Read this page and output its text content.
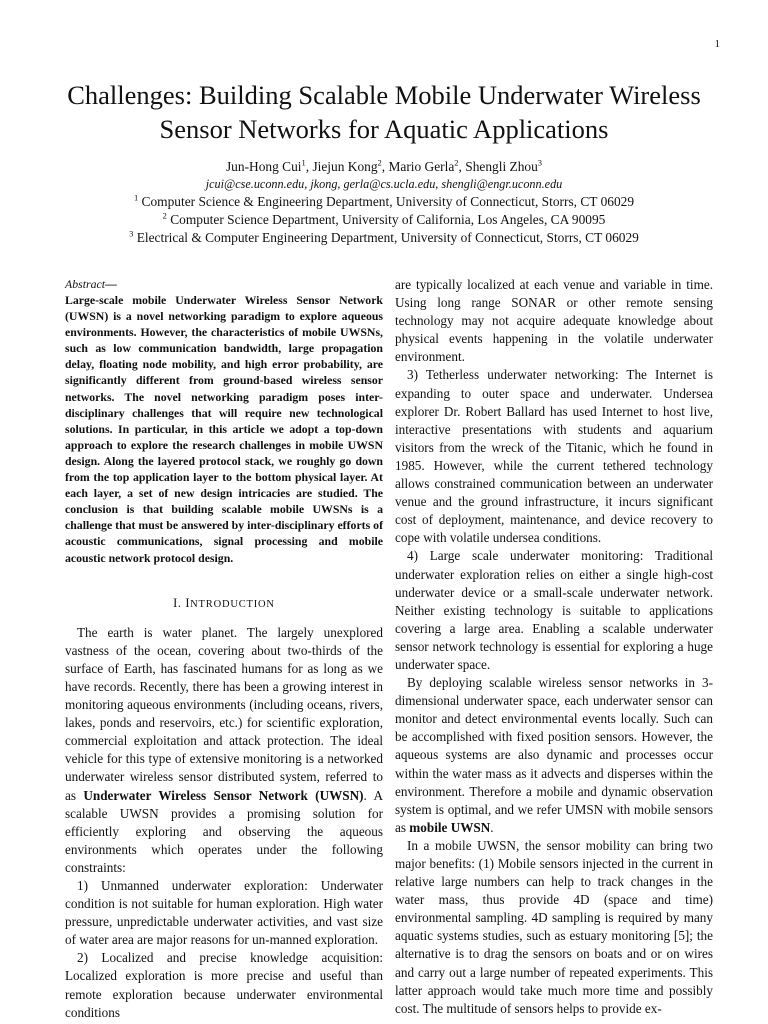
1
Challenges: Building Scalable Mobile Underwater Wireless
Sensor Networks for Aquatic Applications
Jun-Hong Cui$^1$, Jiejun Kong$^2$, Mario Gerla$^2$, Shengli Zhou$^3$
jcui@cse.uconn.edu, jkong, gerla@cs.ucla.edu, shengli@engr.uconn.edu
$^1$ Computer Science & Engineering Department, University of Connecticut, Storrs, CT 06029
$^2$ Computer Science Department, University of California, Los Angeles, CA 90095
$^3$ Electrical & Computer Engineering Department, University of Connecticut, Storrs, CT 06029
Abstract—

Large-scale mobile Underwater Wireless Sensor Network (UWSN) is a novel networking paradigm to explore aqueous environments. However, the characteristics of mobile UWSNs, such as low communication bandwidth, large propagation delay, floating node mobility, and high error probability, are significantly different from ground-based wireless sensor networks. The novel networking paradigm poses inter-disciplinary challenges that will require new technological solutions. In particular, in this article we adopt a top-down approach to explore the research challenges in mobile UWSN design. Along the layered protocol stack, we roughly go down from the top application layer to the bottom physical layer. At each layer, a set of new design intricacies are studied. The conclusion is that building scalable mobile UWSNs is a challenge that must be answered by inter-disciplinary efforts of acoustic communications, signal processing and mobile acoustic network protocol design.

I. INTRODUCTION

The earth is water planet. The largely unexplored vastness of the ocean, covering about two-thirds of the surface of Earth, has fascinated humans for as long as we have records. Recently, there has been a growing interest in monitoring aqueous environments (including oceans, rivers, lakes, ponds and reservoirs, etc.) for scientific exploration, commercial exploitation and attack protection. The ideal vehicle for this type of extensive monitoring is a networked underwater wireless sensor distributed system, referred to as Underwater Wireless Sensor Network (UWSN). A scalable UWSN provides a promising solution for efficiently exploring and observing the aqueous environments which operates under the following constraints:

1) Unmanned underwater exploration: Underwater condition is not suitable for human exploration. High water pressure, unpredictable underwater activities, and vast size of water area are major reasons for un-manned exploration.

2) Localized and precise knowledge acquisition: Localized exploration is more precise and useful than remote exploration because underwater environmental conditions

are typically localized at each venue and variable in time. Using long range SONAR or other remote sensing technology may not acquire adequate knowledge about physical events happening in the volatile underwater environment.

3) Tetherless underwater networking: The Internet is expanding to outer space and underwater. Undersea explorer Dr. Robert Ballard has used Internet to host live, interactive presentations with students and aquarium visitors from the wreck of the Titanic, which he found in 1985. However, while the current tethered technology allows constrained communication between an underwater venue and the ground infrastructure, it incurs significant cost of deployment, maintenance, and device recovery to cope with volatile undersea conditions.

4) Large scale underwater monitoring: Traditional underwater exploration relies on either a single high-cost underwater device or a small-scale underwater network. Neither existing technology is suitable to applications covering a large area. Enabling a scalable underwater sensor network technology is essential for exploring a huge underwater space.

By deploying scalable wireless sensor networks in 3-dimensional underwater space, each underwater sensor can monitor and detect environmental events locally. Such can be accomplished with fixed position sensors. However, the aqueous systems are also dynamic and processes occur within the water mass as it advects and disperses within the environment. Therefore a mobile and dynamic observation system is optimal, and we refer UMSN with mobile sensors as mobile UWSN.

In a mobile UWSN, the sensor mobility can bring two major benefits: (1) Mobile sensors injected in the current in relative large numbers can help to track changes in the water mass, thus provide 4D (space and time) environmental sampling. 4D sampling is required by many aquatic systems studies, such as estuary monitoring [5]; the alternative is to drag the sensors on boats and or on wires and carry out a large number of repeated experiments. This latter approach would take much more time and possibly cost. The multitude of sensors helps to provide ex-
